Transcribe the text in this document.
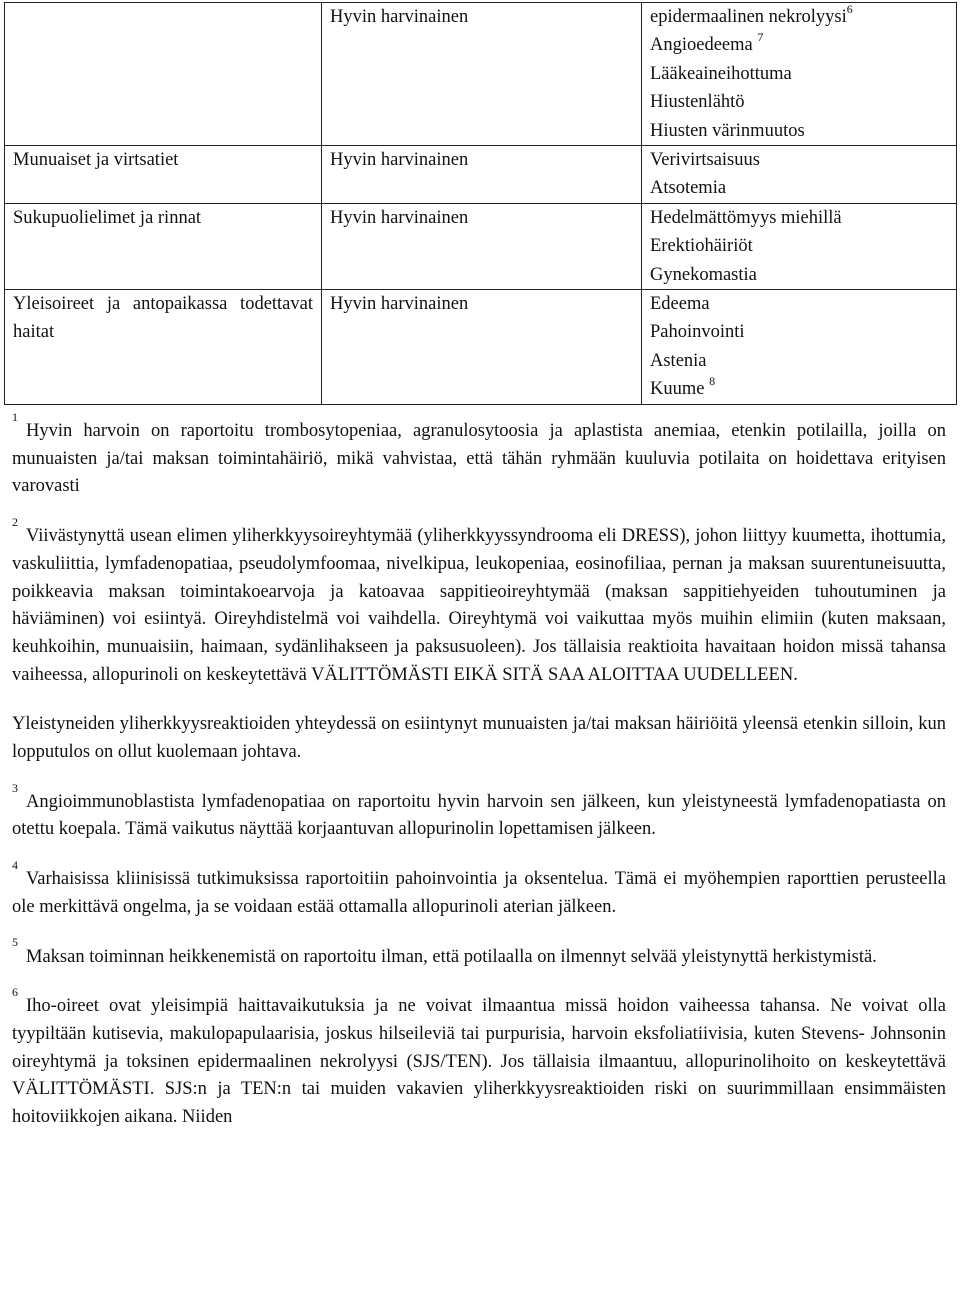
	Hyvin harvinainen	epidermaalinen nekrolyysi$^6$
Angioedeema $^7$
Lääkeaineihottuma
Hiustenlähtö
Hiusten värinmuutos

Munuaiset ja virtsatiet	Hyvin harvinainen	Verivirtsaisuus
Atsotemia

Sukupuolielimet ja rinnat	Hyvin harvinainen	Hedelmättömyys miehillä
Erektiohäiriöt
Gynekomastia

Yleisoireet ja antopaikassa todettavat haitat	Hyvin harvinainen	Edeema
Pahoinvointi
Astenia
Kuume $^8$

$^1$Hyvin harvoin on raportoitu trombosytopeniaa, agranulosytoosia ja aplastista anemiaa, etenkin potilailla, joilla on munuaisten ja/tai maksan toimintahäiriö, mikä vahvistaa, että tähän ryhmään kuuluvia potilaita on hoidettava erityisen varovasti

$^2$Viivästynyttä usean elimen yliherkkyysoireyhtymää (yliherkkyyssyndrooma eli DRESS), johon liittyy kuumetta, ihottumia, vaskuliittia, lymfadenopatiaa, pseudolymfoomaa, nivelkipua, leukopeniaa, eosinofiliaa, pernan ja maksan suurentuneisuutta, poikkeavia maksan toimintakoearvoja ja katoavaa sappitieoireyhtymää (maksan sappitiehyeiden tuhoutuminen ja häviäminen) voi esiintyä. Oireyhdistelmä voi vaihdella. Oireyhtymä voi vaikuttaa myös muihin elimiin (kuten maksaan, keuhkoihin, munuaisiin, haimaan, sydänlihakseen ja paksusuoleen). Jos tällaisia reaktioita havaitaan hoidon missä tahansa vaiheessa, allopurinoli on keskeytettävä VÄLITTÖMÄSTI EIKÄ SITÄ SAA ALOITTAA UUDELLEEN.

Yleistyneiden yliherkkyysreaktioiden yhteydessä on esiintynyt munuaisten ja/tai maksan häiriöitä yleensä etenkin silloin, kun lopputulos on ollut kuolemaan johtava.

$^3$Angioimmunoblastista lymfadenopatiaa on raportoitu hyvin harvoin sen jälkeen, kun yleistyneestä lymfadenopatiasta on otettu koepala. Tämä vaikutus näyttää korjaantuvan allopurinolin lopettamisen jälkeen.

$^4$Varhaisissa kliinisissä tutkimuksissa raportoitiin pahoinvointia ja oksentelua. Tämä ei myöhempien raporttien perusteella ole merkittävä ongelma, ja se voidaan estää ottamalla allopurinoli aterian jälkeen.

$^5$Maksan toiminnan heikkenemistä on raportoitu ilman, että potilaalla on ilmennyt selvää yleistynyttä herkistymistä.

$^6$Iho-oireet ovat yleisimpiä haittavaikutuksia ja ne voivat ilmaantua missä hoidon vaiheessa tahansa. Ne voivat olla tyypiltään kutisevia, makulopapulaarisia, joskus hilseileviä tai purpurisia, harvoin eksfoliatiivisia, kuten Stevens- Johnsonin oireyhtymä ja toksinen epidermaalinen nekrolyysi (SJS/TEN). Jos tällaisia ilmaantuu, allopurinolihoito on keskeytettävä VÄLITTÖMÄSTI. SJS:n ja TEN:n tai muiden vakavien yliherkkyysreaktioiden riski on suurimmillaan ensimmäisten hoitoviikkojen aikana. Niiden
